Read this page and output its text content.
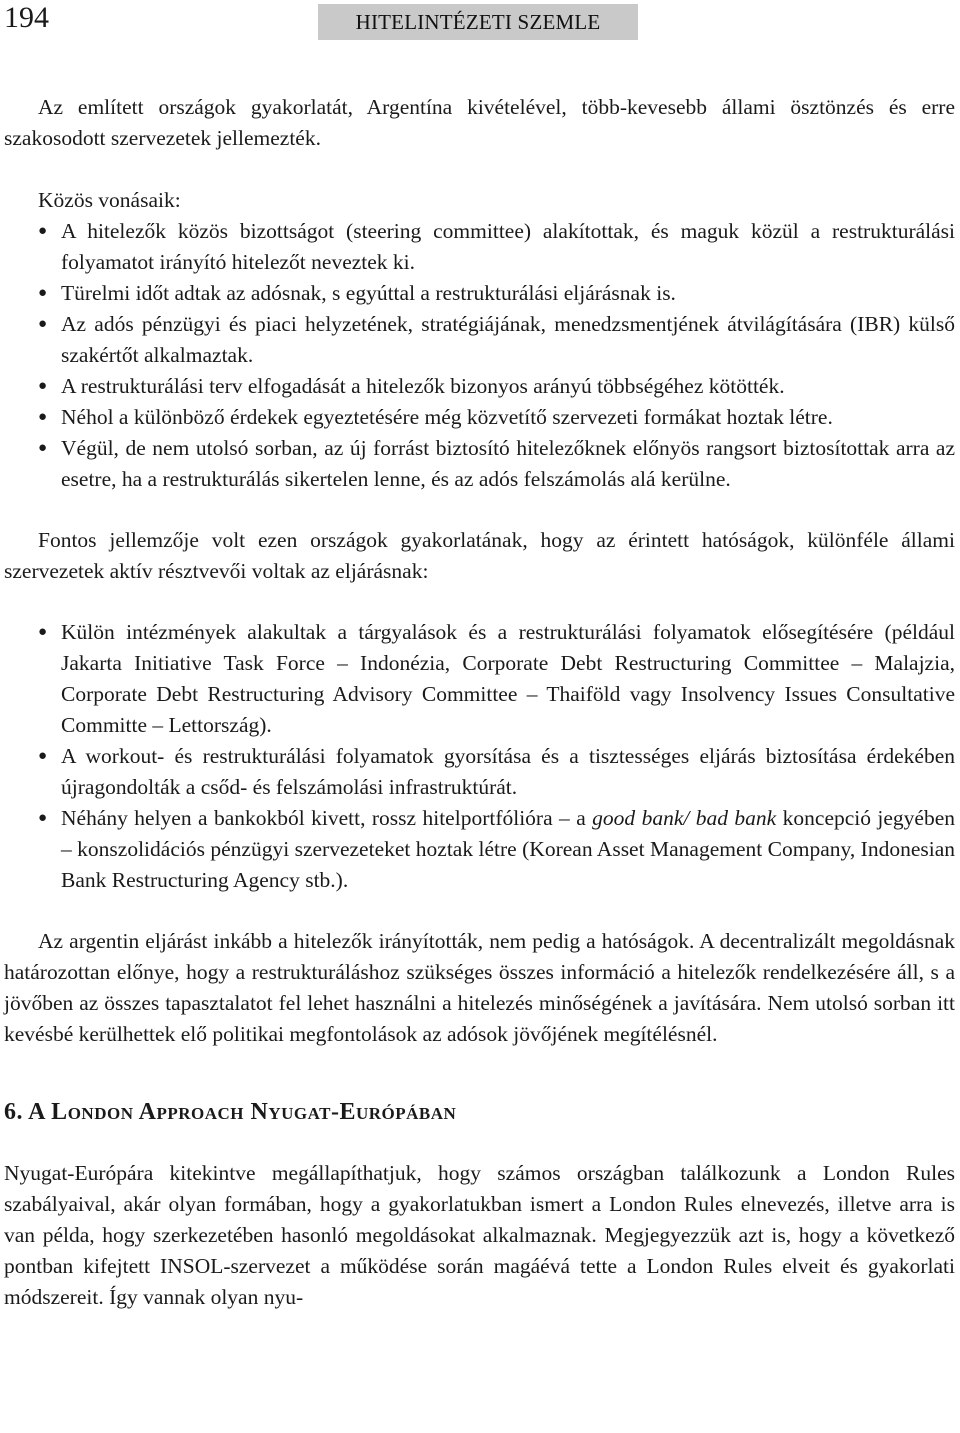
194	HITELINTÉZETI SZEMLE

Az említett országok gyakorlatát, Argentína kivételével, több-kevesebb állami ösztönzés és erre szakosodott szervezetek jellemezték.

Közös vonásaik:

● A hitelezők közös bizottságot (steering committee) alakítottak, és maguk közül a restrukturálási folyamatot irányító hitelezőt neveztek ki.
● Türelmi időt adtak az adósnak, s egyúttal a restrukturálási eljárásnak is.
● Az adós pénzügyi és piaci helyzetének, stratégiájának, menedzsmentjének átvilágítására (IBR) külső szakértőt alkalmaztak.
● A restrukturálási terv elfogadását a hitelezők bizonyos arányú többségéhez kötötték.
● Néhol a különböző érdekek egyeztetésére még közvetítő szervezeti formákat hoztak létre.
● Végül, de nem utolsó sorban, az új forrást biztosító hitelezőknek előnyös rangsort biztosítottak arra az esetre, ha a restrukturálás sikertelen lenne, és az adós felszámolás alá kerülne.

Fontos jellemzője volt ezen országok gyakorlatának, hogy az érintett hatóságok, különféle állami szervezetek aktív résztvevői voltak az eljárásnak:

● Külön intézmények alakultak a tárgyalások és a restrukturálási folyamatok elősegítésére (például Jakarta Initiative Task Force – Indonézia, Corporate Debt Restructuring Committee – Malajzia, Corporate Debt Restructuring Advisory Committee – Thaiföld vagy Insolvency Issues Consultative Committe – Lettország).
● A workout- és restrukturálási folyamatok gyorsítása és a tisztességes eljárás biztosítása érdekében újragondolták a csőd- és felszámolási infrastruktúrát.
● Néhány helyen a bankokból kivett, rossz hitelportfólióra – a good bank/ bad bank koncepció jegyében – konszolidációs pénzügyi szervezeteket hoztak létre (Korean Asset Management Company, Indonesian Bank Restructuring Agency stb.).

Az argentin eljárást inkább a hitelezők irányították, nem pedig a hatóságok. A decentralizált megoldásnak határozottan előnye, hogy a restrukturáláshoz szükséges összes információ a hitelezők rendelkezésére áll, s a jövőben az összes tapasztalatot fel lehet használni a hitelezés minőségének a javítására. Nem utolsó sorban itt kevésbé kerülhettek elő politikai megfontolások az adósok jövőjének megítélésnél.

6. A London Approach Nyugat-Európában

Nyugat-Európára kitekintve megállapíthatjuk, hogy számos országban találkozunk a London Rules szabályaival, akár olyan formában, hogy a gyakorlatukban ismert a London Rules elnevezés, illetve arra is van példa, hogy szerkezetében hasonló megoldásokat alkalmaznak. Megjegyezzük azt is, hogy a következő pontban kifejtett INSOL-szervezet a működése során magáévá tette a London Rules elveit és gyakorlati módszereit. Így vannak olyan nyu-
